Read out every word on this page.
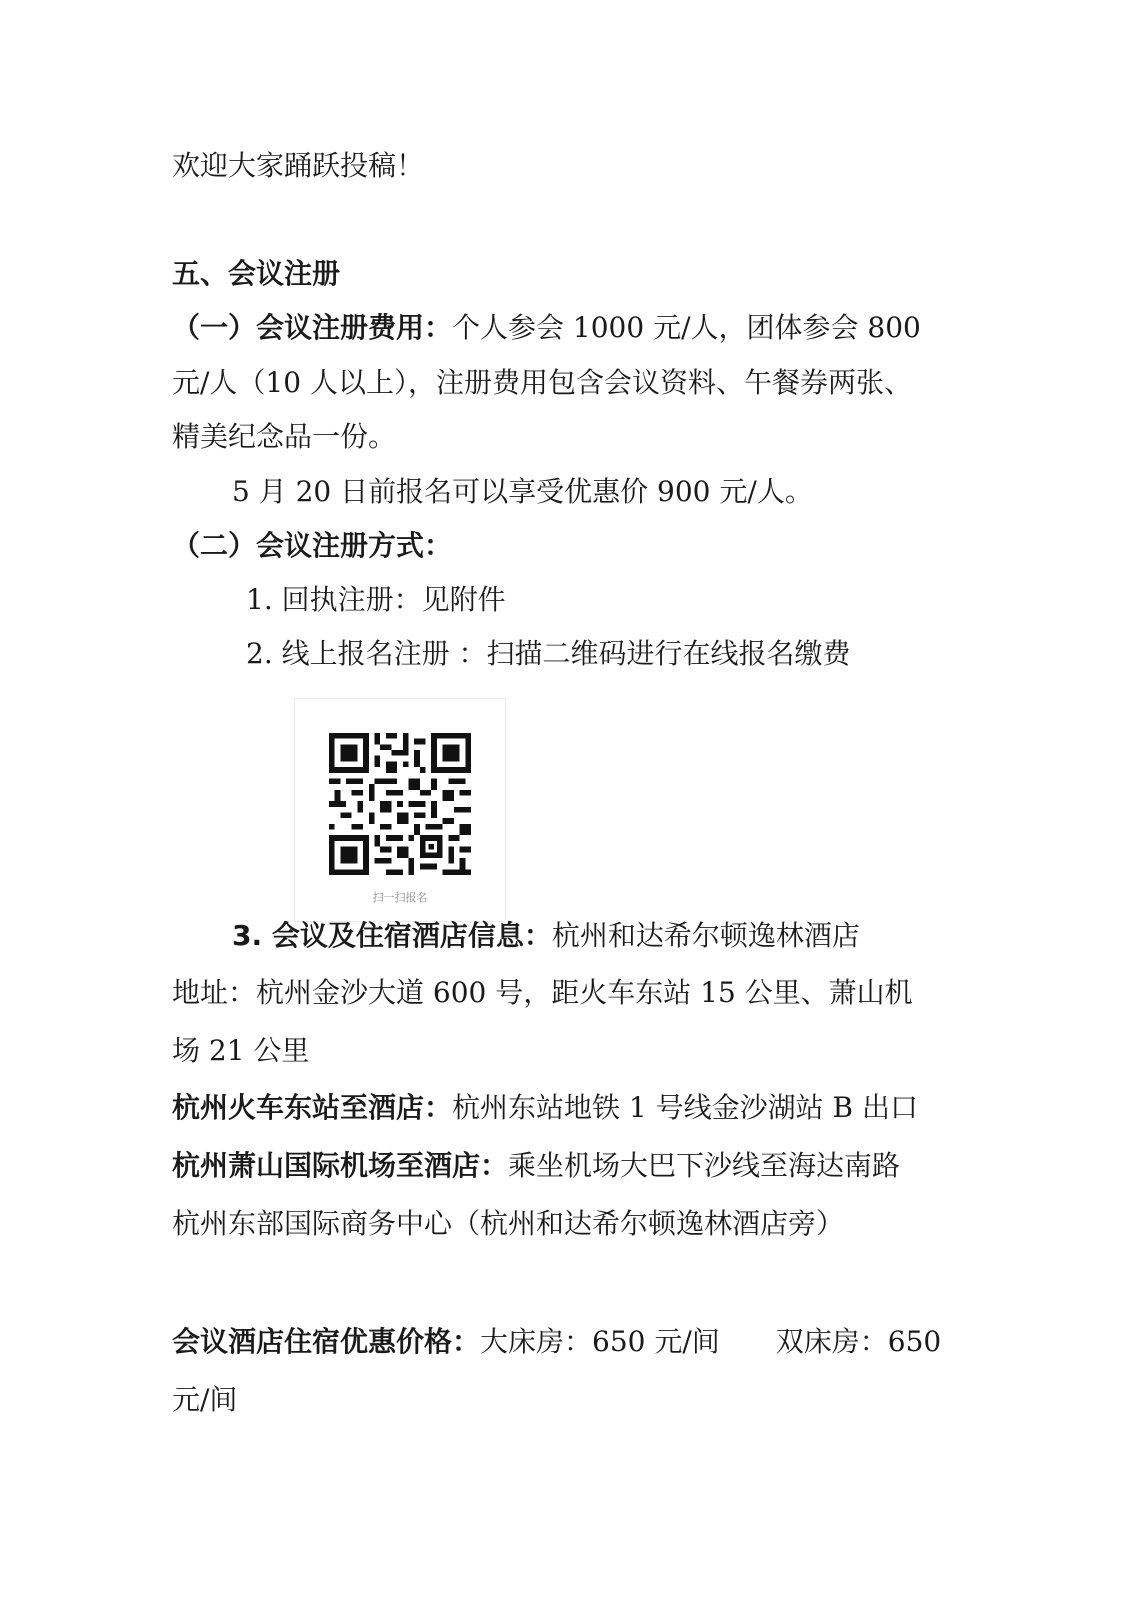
欢迎大家踊跃投稿！
五、会议注册
（一）会议注册费用：个人参会 1000 元/人，团体参会 800
元/人（10 人以上），注册费用包含会议资料、午餐券两张、
精美纪念品一份。
5 月 20 日前报名可以享受优惠价 900 元/人。
（二）会议注册方式：
1. 回执注册：见附件
2. 线上报名注册 ：扫描二维码进行在线报名缴费
扫一扫报名
3. 会议及住宿酒店信息：杭州和达希尔顿逸林酒店
地址：杭州金沙大道 600 号，距火车东站 15 公里、萧山机
场 21 公里
杭州火车东站至酒店：杭州东站地铁 1 号线金沙湖站 B 出口
杭州萧山国际机场至酒店：乘坐机场大巴下沙线至海达南路
杭州东部国际商务中心（杭州和达希尔顿逸林酒店旁）
会议酒店住宿优惠价格：大床房：650 元/间　　双床房：650
元/间
